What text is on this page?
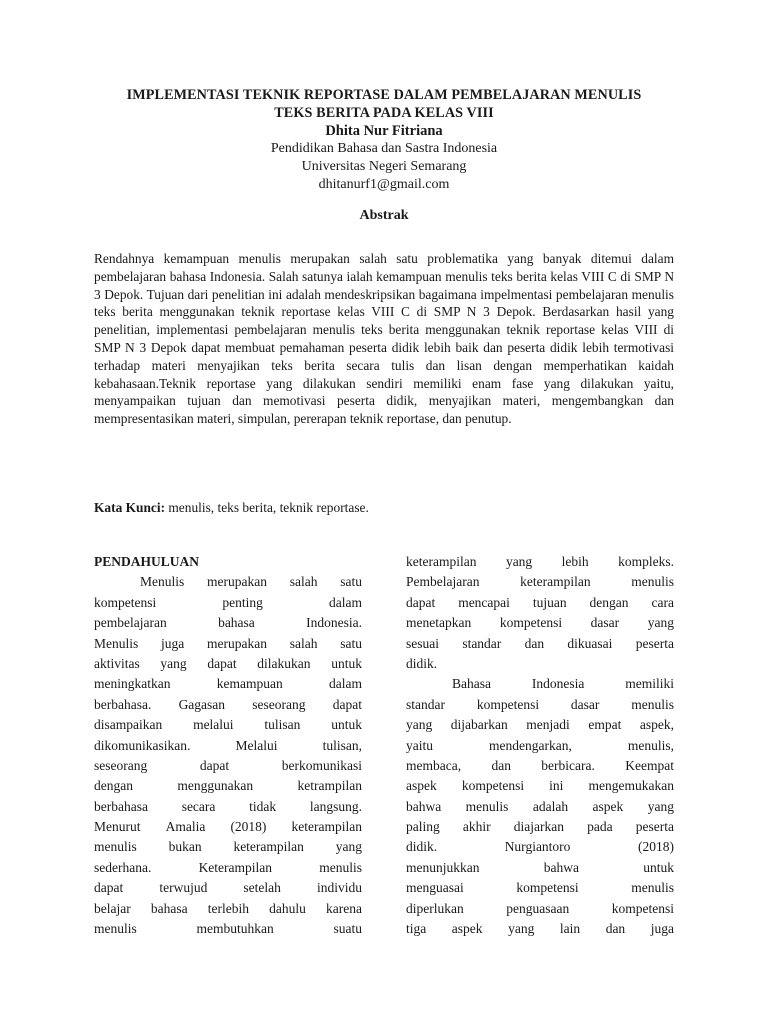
IMPLEMENTASI TEKNIK REPORTASE DALAM PEMBELAJARAN MENULIS
TEKS BERITA PADA KELAS VIII
Dhita Nur Fitriana
Pendidikan Bahasa dan Sastra Indonesia
Universitas Negeri Semarang
dhitanurf1@gmail.com
Abstrak
Rendahnya kemampuan menulis merupakan salah satu problematika yang banyak ditemui dalam pembelajaran bahasa Indonesia. Salah satunya ialah kemampuan menulis teks berita kelas VIII C di SMP N 3 Depok. Tujuan dari penelitian ini adalah mendeskripsikan bagaimana impelmentasi pembelajaran menulis teks berita menggunakan teknik reportase kelas VIII C di SMP N 3 Depok. Berdasarkan hasil yang penelitian, implementasi pembelajaran menulis teks berita menggunakan teknik reportase kelas VIII di SMP N 3 Depok dapat membuat pemahaman peserta didik lebih baik dan peserta didik lebih termotivasi terhadap materi menyajikan teks berita secara tulis dan lisan dengan memperhatikan kaidah kebahasaan.Teknik reportase yang dilakukan sendiri memiliki enam fase yang dilakukan yaitu, menyampaikan tujuan dan memotivasi peserta didik, menyajikan materi, mengembangkan dan mempresentasikan materi, simpulan, pererapan teknik reportase, dan penutup.
Kata Kunci: menulis, teks berita, teknik reportase.
PENDAHULUAN
Menulis merupakan salah satu
kompetensi	penting	dalam
pembelajaran	bahasa	Indonesia.
Menulis juga merupakan salah satu
aktivitas yang dapat dilakukan untuk
meningkatkan	kemampuan	dalam
berbahasa. Gagasan seseorang dapat
disampaikan melalui tulisan untuk
dikomunikasikan.	Melalui	tulisan,
seseorang	dapat	berkomunikasi
dengan	menggunakan	ketrampilan
berbahasa secara tidak langsung.
Menurut Amalia (2018) keterampilan
menulis bukan keterampilan yang
sederhana.	Keterampilan	menulis
dapat	terwujud	setelah	individu
belajar bahasa terlebih dahulu karena
menulis	membutuhkan	suatu
keterampilan yang lebih kompleks.
Pembelajaran	keterampilan	menulis
dapat mencapai tujuan dengan cara
menetapkan kompetensi dasar yang
sesuai standar dan dikuasai peserta
didik.
Bahasa	Indonesia	memiliki
standar kompetensi dasar menulis
yang dijabarkan menjadi empat aspek,
yaitu	mendengarkan,	menulis,
membaca, dan berbicara. Keempat
aspek kompetensi ini mengemukakan
bahwa menulis adalah aspek yang
paling akhir diajarkan pada peserta
didik.	Nurgiantoro	(2018)
menunjukkan	bahwa	untuk
menguasai	kompetensi	menulis
diperlukan	penguasaan	kompetensi
tiga aspek yang lain dan juga
